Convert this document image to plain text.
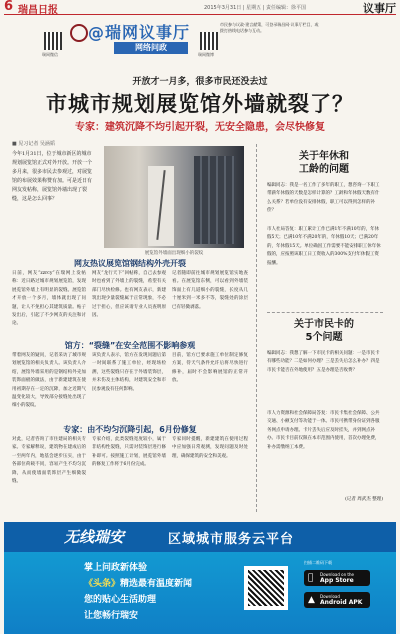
6 瑞昌日报	2015年3月31日 | 星期五 | 责任编辑：徐平国	议事厅
瑞网微信
@瑞网议事厅
网络问政
瑞网微博
市民参与议政·建言献策，可登录瑞昌网·议事厅栏目，或拨打热线电话参与互动。
开放才一月多，很多市民还没去过
市城市规划展览馆外墙就裂了？
专家：建筑沉降不均引起开裂，无安全隐患，会尽快修复
■ 见习记者 吴涵韬
今年1月31日，位于城市新区的城市规划展览馆正式对外开放。开放一个多月来，很多市民去参观过，对展览馆的布展效果称赞有加。可是近日有网友发帖称，展览馆外墙出现了裂缝，这是怎么回事？
展览馆外墙面出现细小的裂纹
网友热议展览馆钢结构外壳开裂
日前，网友“zzrcy”在瑞网上发帖称：近日路过城市规划展览馆，发现展览馆外墙上有明显的裂缝。展览馆才开放一个多月，墙体就出现了问题，让人不免担心其建筑质量。帖子发出后，引起了不少网友的关注和讨论。
网友“龙行天下”回帖称，自己去参观时也看到了外墙上的裂缝，希望有关部门尽快检修。也有网友表示，新建筑出现少量裂缝属于正常现象，不必过于担心，但应该请专业人员查明原因。
记者随即前往城市规划展览馆实地查看。在展览馆东侧，可以看到外墙装饰面上有几道细小的裂缝，长度从几十厘米到一米多不等，裂缝处的涂层已有轻微剥落。
馆方：“裂缝”在安全范围不影响参观
带着网友的疑问，记者采访了城市规划展览馆的相关负责人。该负责人介绍，展馆外墙采用的是钢结构外壳加装饰面板的做法，由于新建建筑在使用初期存在一定的沉降，加之近期气温变化较大，导致部分接缝处出现了细小的裂纹。
该负责人表示，馆方在发现问题后第一时间联系了施工单位，经现场检测，这些裂缝只存在于外墙装饰层，并未伤及主体结构，对建筑安全和市民参观没有任何影响。
目前，馆方已要求施工单位制定修复方案，待天气条件允许后将尽快进行修补，届时不会影响展馆的正常开放。
专家：由不均匀沉降引起，6月份修复
对此，记者咨询了市住建局的相关专家。专家解释说，建筑物在建成后的一至两年内，地基会逐步压实，由于各部位荷载不同，容易产生不均匀沉降，从而使墙面装饰层产生细微裂缝。
专家介绍，此类裂缝宽度较小，属于非结构性裂缝，只需对装饰层进行修补即可。按照施工计划，展览馆外墙的修复工作将于6月份完成。
专家同时提醒，新建建筑在使用过程中应加强日常观测，发现问题及时处理，确保建筑的安全和美观。
关于年休和
工龄的问题
编辑同志：我是一名工作了多年的职工，想咨询一下职工带薪年休假的天数是怎样计算的？工龄和年休假天数有什么关系？若单位没有安排休假，职工可以得到怎样的补偿？
市人社局答复：职工累计工作已满1年不满10年的，年休假5天；已满10年不满20年的，年休假10天；已满20年的，年休假15天。单位确因工作需要不能安排职工休年休假的，应按照该职工日工资收入的300%支付年休假工资报酬。
关于市民卡的
5个问题
编辑同志：我想了解一下市民卡的相关问题：一是市民卡有哪些功能？二是如何办理？三是丢失后怎么补办？四是市民卡能否在外地使用？五是办理是否收费？
市人力资源和社会保障局答复：市民卡集社会保障、公共交通、小额支付等功能于一体。市民可携带身份证到各服务网点申请办理。卡片丢失后应及时挂失，并到网点补办。市民卡目前仅限在本市范围内使用，首次办理免费，补办需缴纳工本费。
(记者 周武杰 整理)
无线瑞安	区域城市服务云平台
掌上问政新体验
《头条》精选最有温度新闻
您的贴心生活助理
让您畅行瑞安
扫描二维码下载
Download on the
App Store
▲ Download
Android APK
